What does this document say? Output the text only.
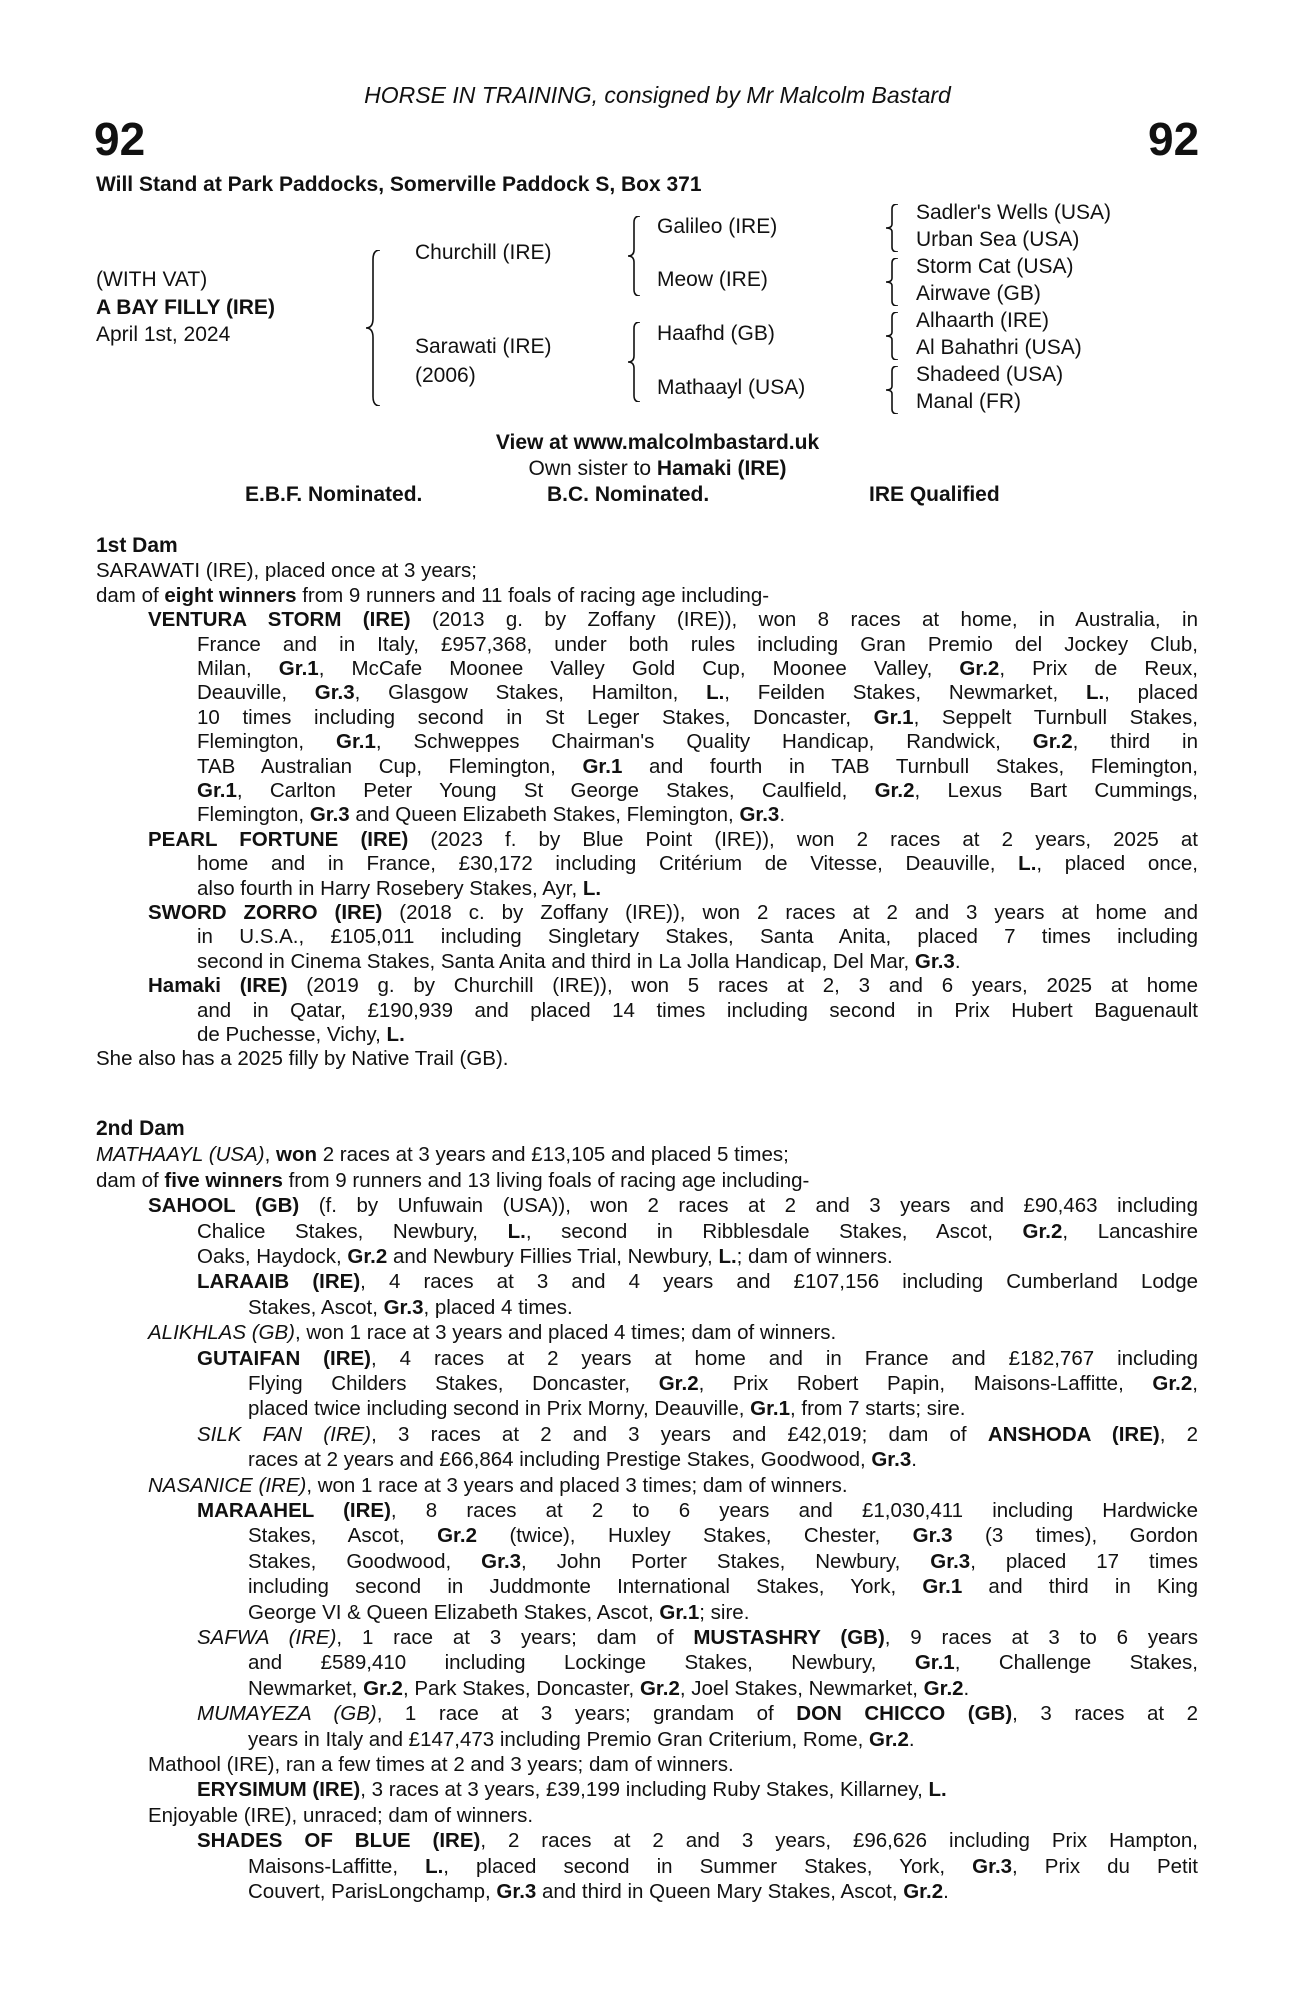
HORSE IN TRAINING, consigned by Mr Malcolm Bastard
92	92
Will Stand at Park Paddocks, Somerville Paddock S, Box 371
(WITH VAT)
A BAY FILLY (IRE)
April 1st, 2024
Churchill (IRE)
Sarawati (IRE)
(2006)
Galileo (IRE)
Meow (IRE)
Haafhd (GB)
Mathaayl (USA)
Sadler's Wells (USA)
Urban Sea (USA)
Storm Cat (USA)
Airwave (GB)
Alhaarth (IRE)
Al Bahathri (USA)
Shadeed (USA)
Manal (FR)
View at www.malcolmbastard.uk
Own sister to Hamaki (IRE)
E.B.F. Nominated.	B.C. Nominated.	IRE Qualified
1st Dam
SARAWATI (IRE), placed once at 3 years;
dam of eight winners from 9 runners and 11 foals of racing age including-
VENTURA STORM (IRE) (2013 g. by Zoffany (IRE)), won 8 races at home, in Australia, in
France and in Italy, £957,368, under both rules including Gran Premio del Jockey Club,
Milan, Gr.1, McCafe Moonee Valley Gold Cup, Moonee Valley, Gr.2, Prix de Reux,
Deauville, Gr.3, Glasgow Stakes, Hamilton, L., Feilden Stakes, Newmarket, L., placed
10 times including second in St Leger Stakes, Doncaster, Gr.1, Seppelt Turnbull Stakes,
Flemington, Gr.1, Schweppes Chairman's Quality Handicap, Randwick, Gr.2, third in
TAB Australian Cup, Flemington, Gr.1 and fourth in TAB Turnbull Stakes, Flemington,
Gr.1, Carlton Peter Young St George Stakes, Caulfield, Gr.2, Lexus Bart Cummings,
Flemington, Gr.3 and Queen Elizabeth Stakes, Flemington, Gr.3.
PEARL FORTUNE (IRE) (2023 f. by Blue Point (IRE)), won 2 races at 2 years, 2025 at
home and in France, £30,172 including Critérium de Vitesse, Deauville, L., placed once,
also fourth in Harry Rosebery Stakes, Ayr, L.
SWORD ZORRO (IRE) (2018 c. by Zoffany (IRE)), won 2 races at 2 and 3 years at home and
in U.S.A., £105,011 including Singletary Stakes, Santa Anita, placed 7 times including
second in Cinema Stakes, Santa Anita and third in La Jolla Handicap, Del Mar, Gr.3.
Hamaki (IRE) (2019 g. by Churchill (IRE)), won 5 races at 2, 3 and 6 years, 2025 at home
and in Qatar, £190,939 and placed 14 times including second in Prix Hubert Baguenault
de Puchesse, Vichy, L.
She also has a 2025 filly by Native Trail (GB).
2nd Dam
MATHAAYL (USA), won 2 races at 3 years and £13,105 and placed 5 times;
dam of five winners from 9 runners and 13 living foals of racing age including-
SAHOOL (GB) (f. by Unfuwain (USA)), won 2 races at 2 and 3 years and £90,463 including
Chalice Stakes, Newbury, L., second in Ribblesdale Stakes, Ascot, Gr.2, Lancashire
Oaks, Haydock, Gr.2 and Newbury Fillies Trial, Newbury, L.; dam of winners.
LARAAIB (IRE), 4 races at 3 and 4 years and £107,156 including Cumberland Lodge
Stakes, Ascot, Gr.3, placed 4 times.
ALIKHLAS (GB), won 1 race at 3 years and placed 4 times; dam of winners.
GUTAIFAN (IRE), 4 races at 2 years at home and in France and £182,767 including
Flying Childers Stakes, Doncaster, Gr.2, Prix Robert Papin, Maisons-Laffitte, Gr.2,
placed twice including second in Prix Morny, Deauville, Gr.1, from 7 starts; sire.
SILK FAN (IRE), 3 races at 2 and 3 years and £42,019; dam of ANSHODA (IRE), 2
races at 2 years and £66,864 including Prestige Stakes, Goodwood, Gr.3.
NASANICE (IRE), won 1 race at 3 years and placed 3 times; dam of winners.
MARAAHEL (IRE), 8 races at 2 to 6 years and £1,030,411 including Hardwicke
Stakes, Ascot, Gr.2 (twice), Huxley Stakes, Chester, Gr.3 (3 times), Gordon
Stakes, Goodwood, Gr.3, John Porter Stakes, Newbury, Gr.3, placed 17 times
including second in Juddmonte International Stakes, York, Gr.1 and third in King
George VI & Queen Elizabeth Stakes, Ascot, Gr.1; sire.
SAFWA (IRE), 1 race at 3 years; dam of MUSTASHRY (GB), 9 races at 3 to 6 years
and £589,410 including Lockinge Stakes, Newbury, Gr.1, Challenge Stakes,
Newmarket, Gr.2, Park Stakes, Doncaster, Gr.2, Joel Stakes, Newmarket, Gr.2.
MUMAYEZA (GB), 1 race at 3 years; grandam of DON CHICCO (GB), 3 races at 2
years in Italy and £147,473 including Premio Gran Criterium, Rome, Gr.2.
Mathool (IRE), ran a few times at 2 and 3 years; dam of winners.
ERYSIMUM (IRE), 3 races at 3 years, £39,199 including Ruby Stakes, Killarney, L.
Enjoyable (IRE), unraced; dam of winners.
SHADES OF BLUE (IRE), 2 races at 2 and 3 years, £96,626 including Prix Hampton,
Maisons-Laffitte, L., placed second in Summer Stakes, York, Gr.3, Prix du Petit
Couvert, ParisLongchamp, Gr.3 and third in Queen Mary Stakes, Ascot, Gr.2.
